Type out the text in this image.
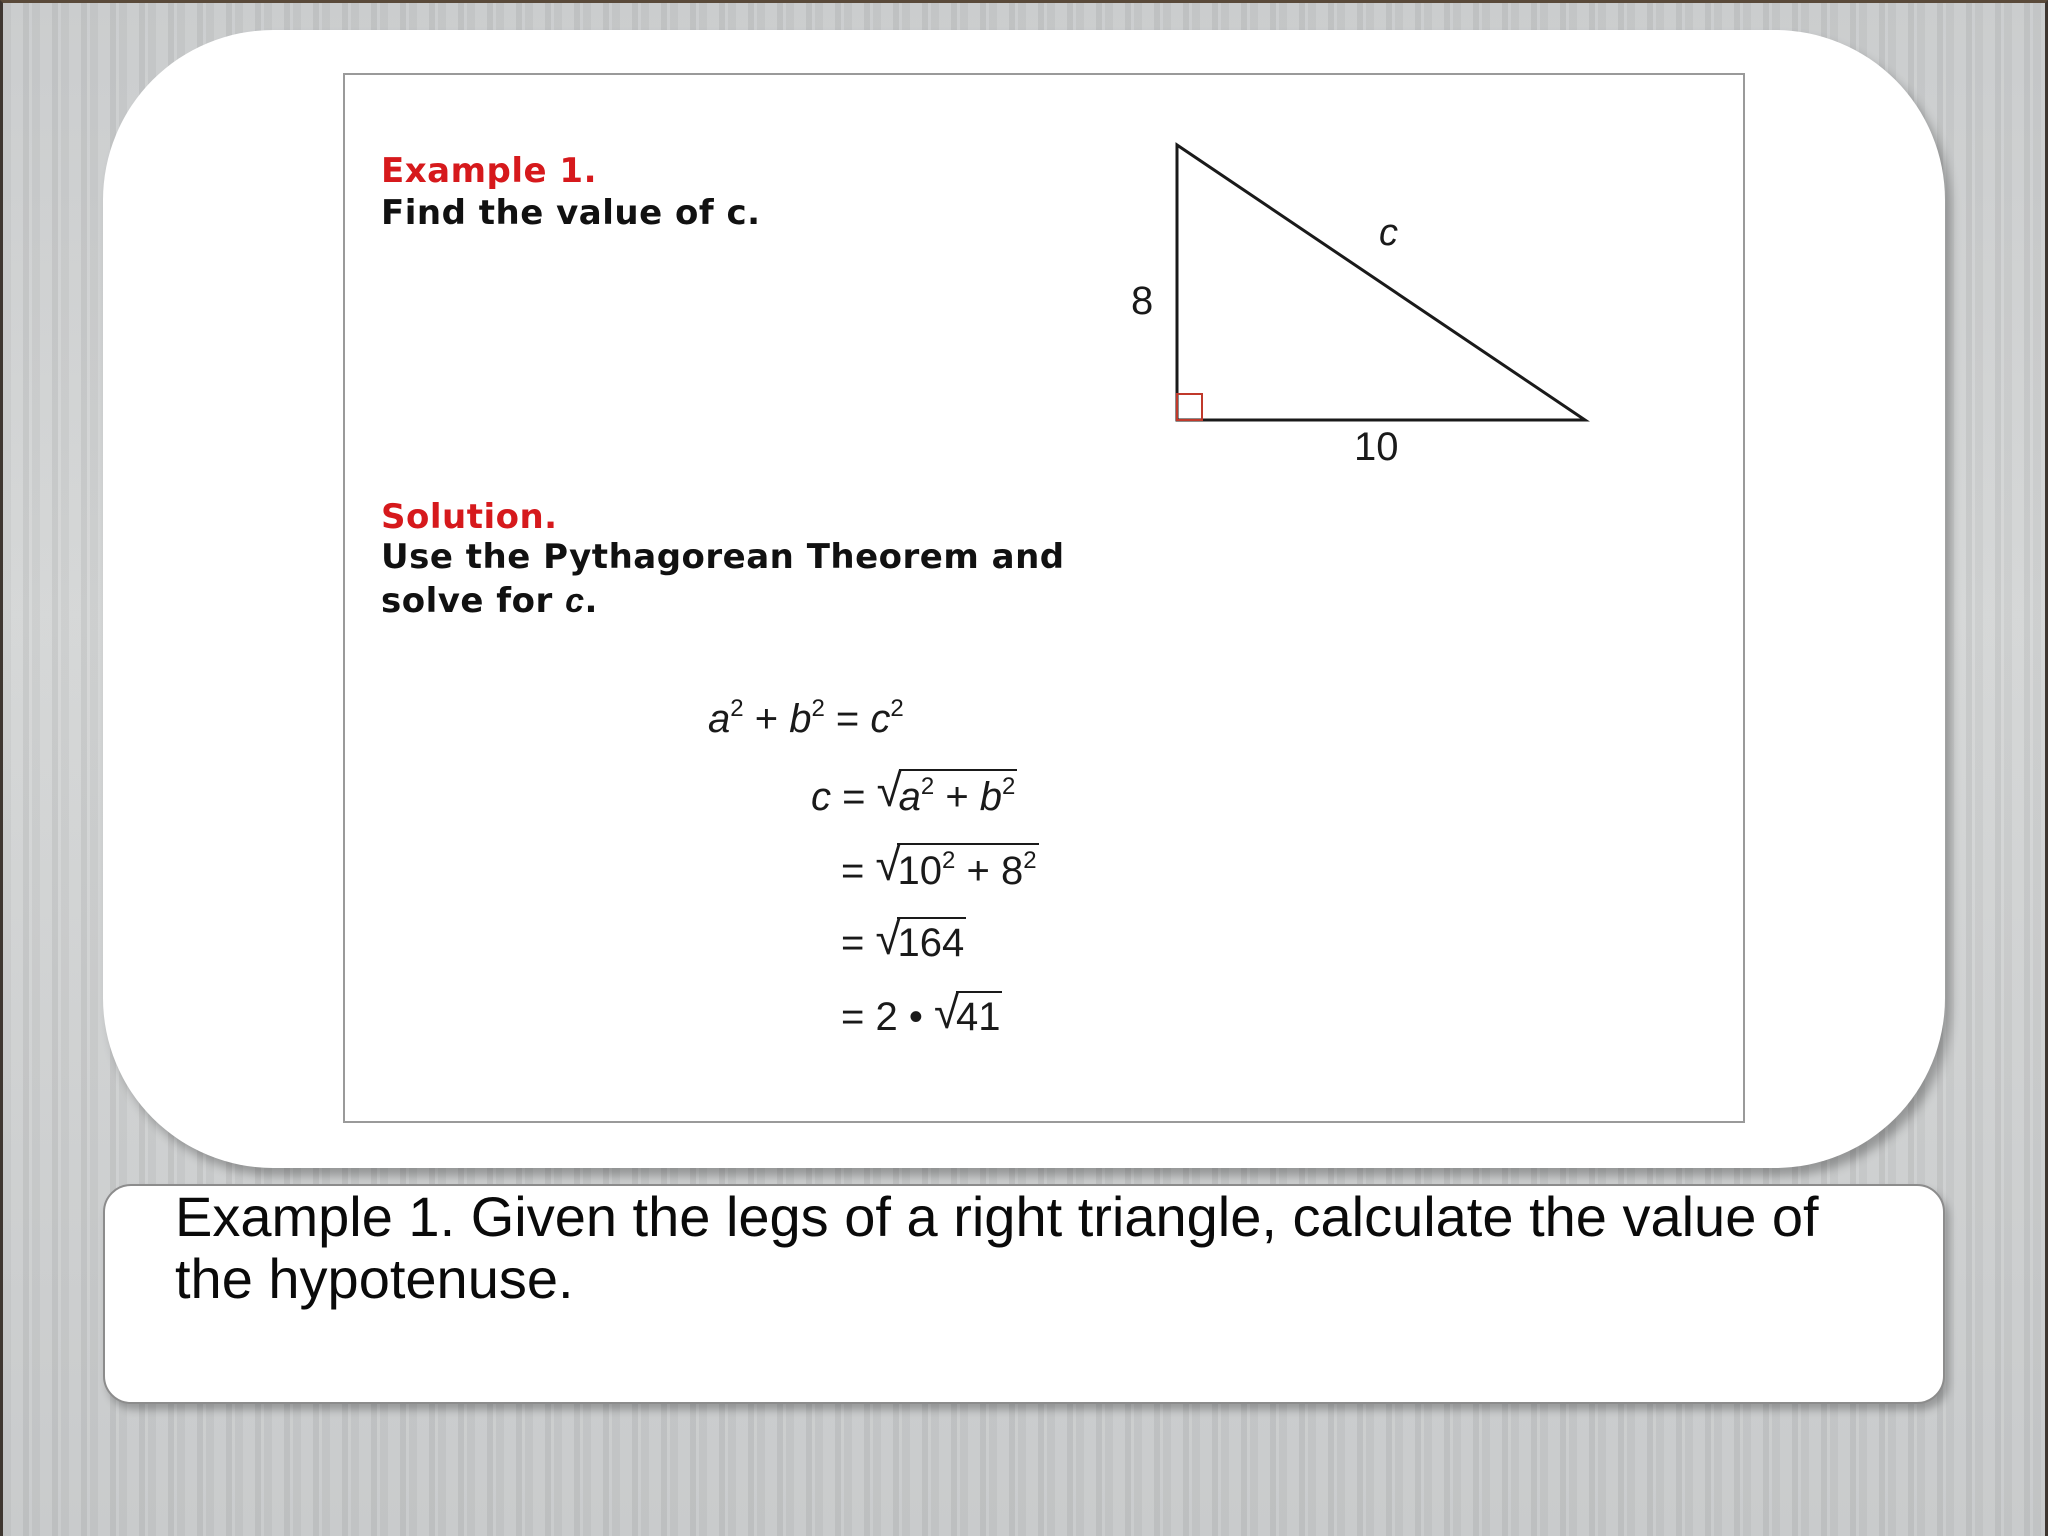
Example 1.
Find the value of c.
Solution.
Use the Pythagorean Theorem and
solve for c.
$a^2 + b^2 = c^2$
c = √
$a^2 + b^2$
= √
$10^2 + 8^2$
= √
164
= 2 • √
41
8
10
c
Example 1. Given the legs of a right triangle, calculate the value of the hypotenuse.
